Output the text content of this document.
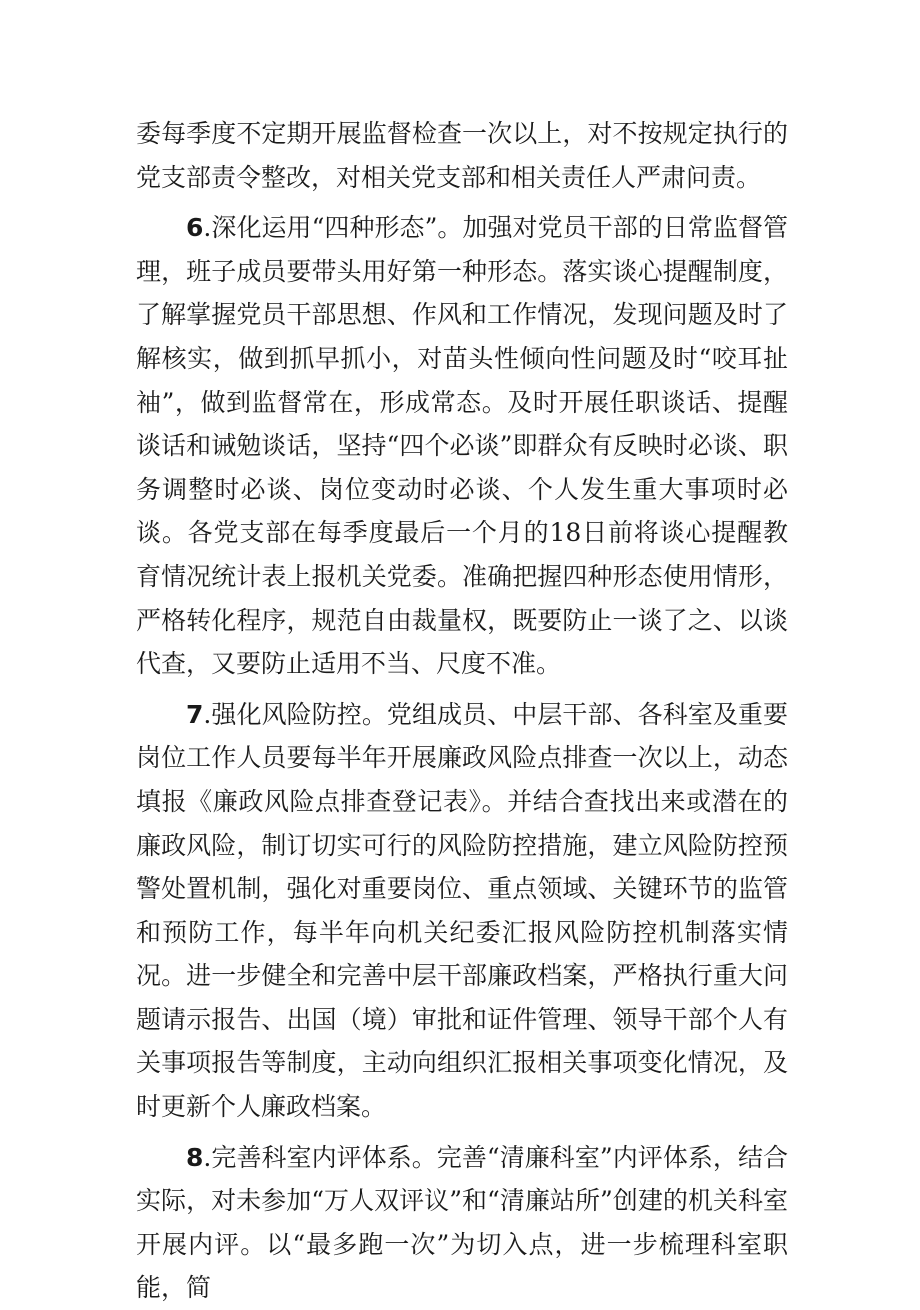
委每季度不定期开展监督检查一次以上，对不按规定执行的党支部责令整改，对相关党支部和相关责任人严肃问责。

6.深化运用“四种形态”。加强对党员干部的日常监督管理，班子成员要带头用好第一种形态。落实谈心提醒制度，了解掌握党员干部思想、作风和工作情况，发现问题及时了解核实，做到抓早抓小，对苗头性倾向性问题及时“咬耳扯袖”，做到监督常在，形成常态。及时开展任职谈话、提醒谈话和诫勉谈话，坚持“四个必谈”即群众有反映时必谈、职务调整时必谈、岗位变动时必谈、个人发生重大事项时必谈。各党支部在每季度最后一个月的18日前将谈心提醒教育情况统计表上报机关党委。准确把握四种形态使用情形，严格转化程序，规范自由裁量权，既要防止一谈了之、以谈代查，又要防止适用不当、尺度不准。

7.强化风险防控。党组成员、中层干部、各科室及重要岗位工作人员要每半年开展廉政风险点排查一次以上，动态填报《廉政风险点排查登记表》。并结合查找出来或潜在的廉政风险，制订切实可行的风险防控措施，建立风险防控预警处置机制，强化对重要岗位、重点领域、关键环节的监管和预防工作，每半年向机关纪委汇报风险防控机制落实情况。进一步健全和完善中层干部廉政档案，严格执行重大问题请示报告、出国（境）审批和证件管理、领导干部个人有关事项报告等制度，主动向组织汇报相关事项变化情况，及时更新个人廉政档案。

8.完善科室内评体系。完善“清廉科室”内评体系，结合实际，对未参加“万人双评议”和“清廉站所”创建的机关科室开展内评。以“最多跑一次”为切入点，进一步梳理科室职能，简
